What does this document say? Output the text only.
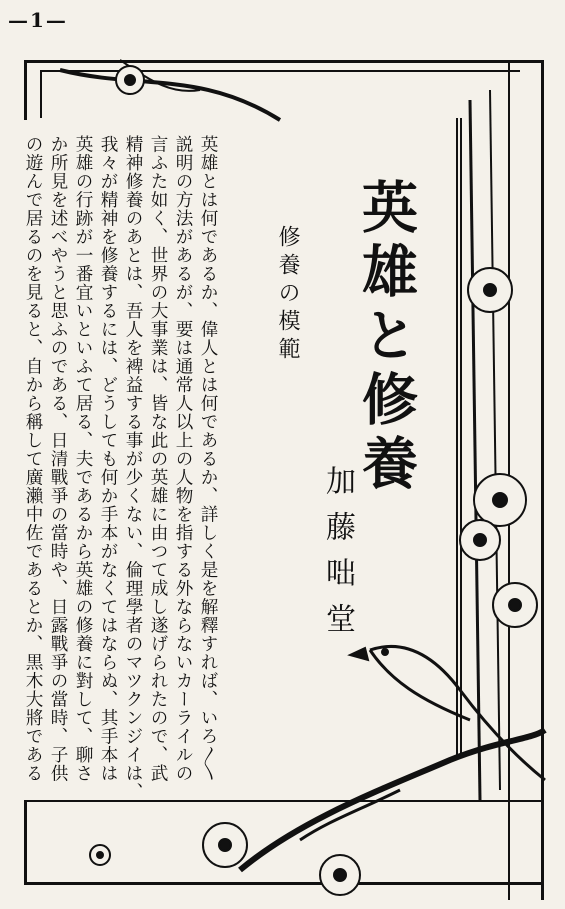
— 1 —
英雄と修養
加藤咄堂
修養の模範

英雄とは何であるか、偉人とは何であるか、詳しく是を解釋すれば、いろ〳〵

説明の方法があるが、要は通常人以上の人物を指する外ならないカーライルの

言ふた如く、世界の大事業は、皆な此の英雄に由つて成し遂げられたので、武

精神修養のあとは、吾人を裨益する事が少くない、倫理學者のマツクンジイは、

我々が精神を修養するには、どうしても何か手本がなくてはならぬ、其手本は

英雄の行跡が一番宜いといふて居る、夫であるから英雄の修養に對して、聊さ

か所見を述べやうと思ふのである、日清戰爭の當時や、日露戰爭の當時、子供

の遊んで居るのを見ると、自から稱して廣瀨中佐であるとか、黒木大將である
